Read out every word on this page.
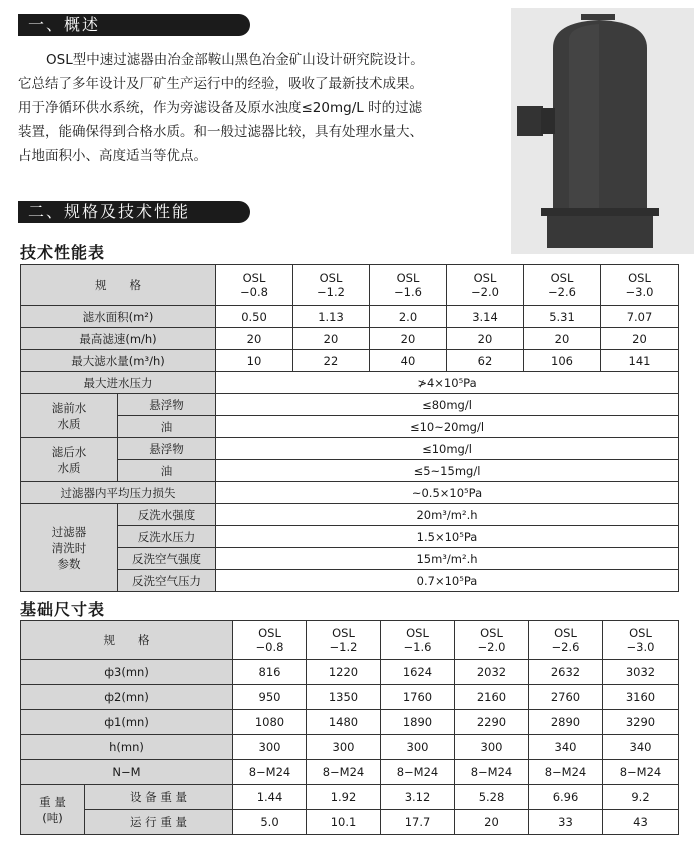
一、概述

OSL型中速过滤器由冶金部鞍山黑色冶金矿山设计研究院设计。

它总结了多年设计及厂矿生产运行中的经验，吸收了最新技术成果。

用于净循环供水系统，作为旁滤设备及原水浊度≤20mg/L 时的过滤

装置，能确保得到合格水质。和一般过滤器比较，具有处理水量大、

占地面积小、高度适当等优点。

二、规格及技术性能
技术性能表
规　　格		OSL
−0.8	OSL
−1.2	OSL
−1.6	OSL
−2.0	OSL
−2.6	OSL
−3.0

滤水面积(m²)		0.50	1.13	2.0	3.14	5.31	7.07
最高滤速(m/h)		20	20	20	20	20	20
最大滤水量(m³/h)		10	22	40	62	106	141
最大进水压力		≯4×10⁵Pa					

滤前水
水质	悬浮物	≤80mg/l					
	油	≤10~20mg/l					

滤后水
水质	悬浮物	≤10mg/l					
	油	≤5~15mg/l					
过滤器内平均压力损失		~0.5×10⁵Pa					

过滤器
清洗时
参数	反洗水强度	20m³/m².h					
	反洗水压力	1.5×10⁵Pa					
	反洗空气强度	15m³/m².h					
	反洗空气压力	0.7×10⁵Pa					
基础尺寸表
规　　格		OSL
−0.8	OSL
−1.2	OSL
−1.6	OSL
−2.0	OSL
−2.6	OSL
−3.0

ф3(mn)		816	1220	1624	2032	2632	3032
ф2(mn)		950	1350	1760	2160	2760	3160
ф1(mn)		1080	1480	1890	2290	2890	3290
h(mn)		300	300	300	300	340	340
N−M		8−M24	8−M24	8−M24	8−M24	8−M24	8−M24

重 量
(吨)	设 备 重 量	1.44	1.92	3.12	5.28	6.96	9.2
	运 行 重 量	5.0	10.1	17.7	20	33	43
